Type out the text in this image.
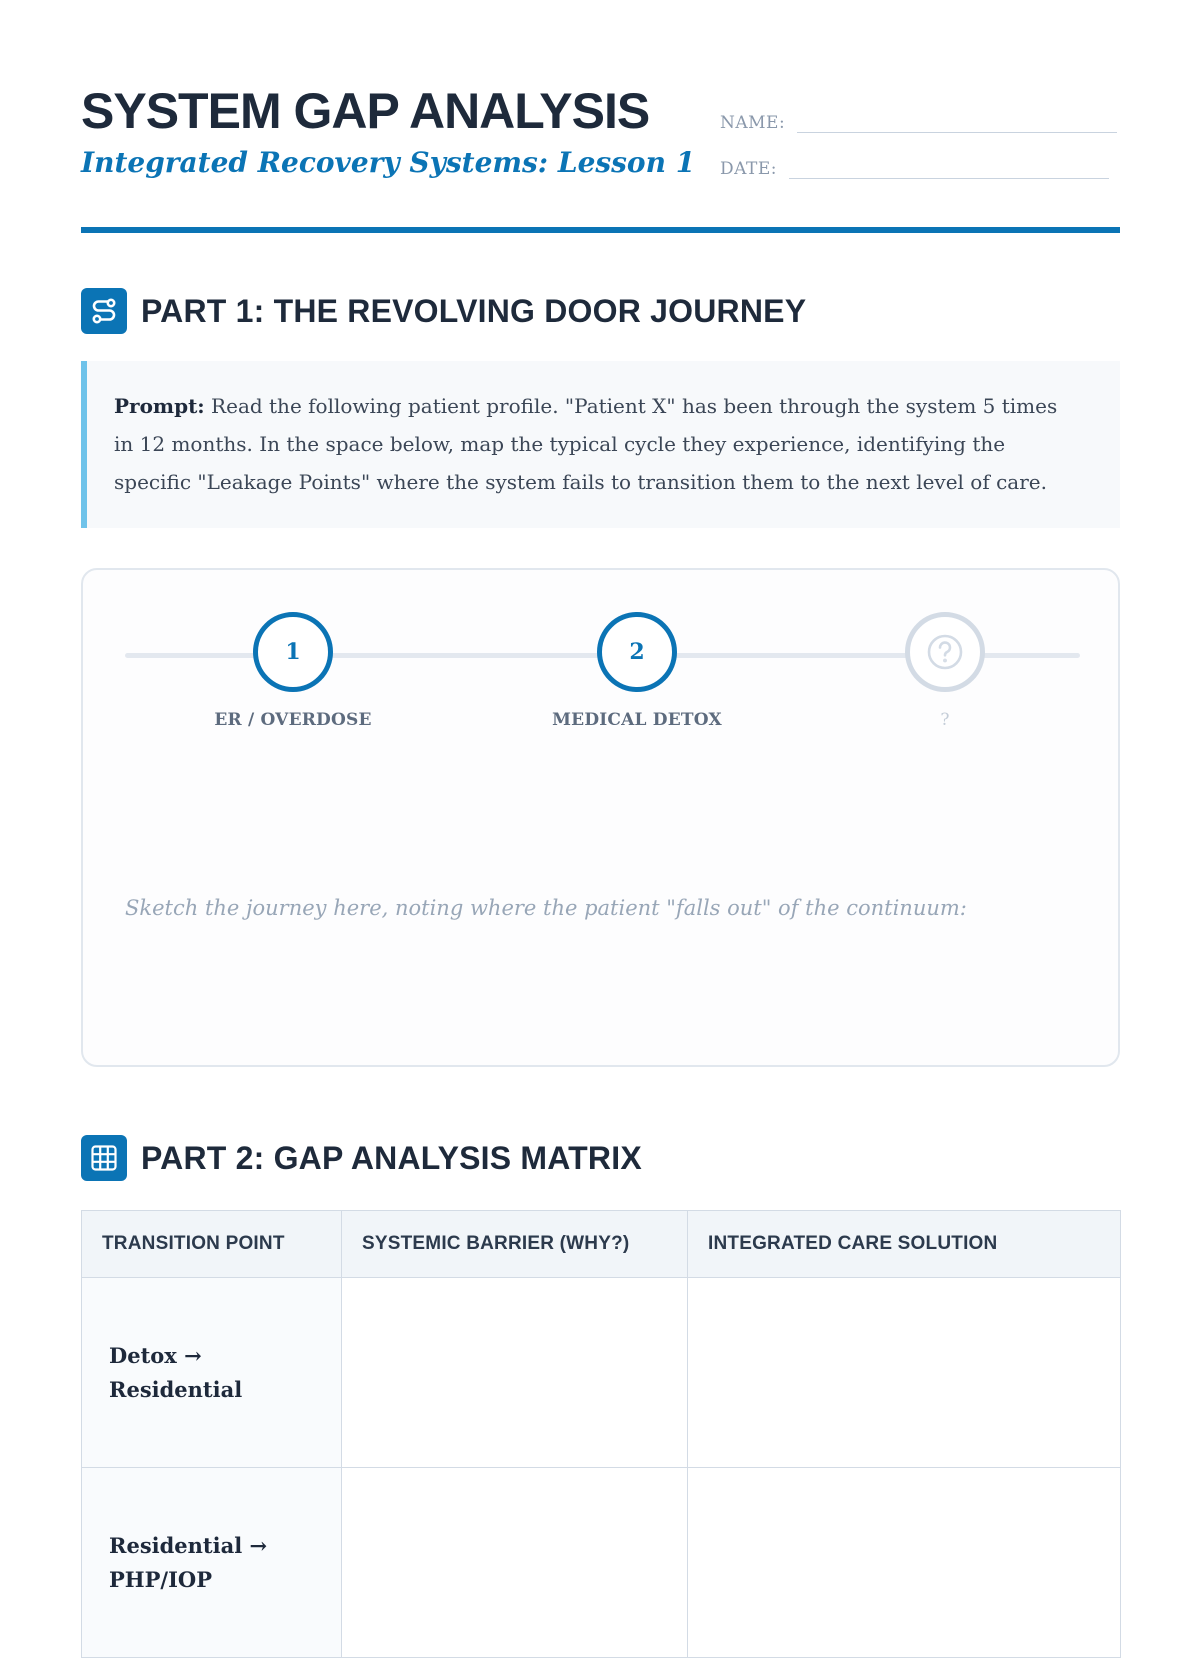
SYSTEM GAP ANALYSIS
Integrated Recovery Systems: Lesson 1
NAME:
DATE:
PART 1: THE REVOLVING DOOR JOURNEY
Prompt: Read the following patient profile. "Patient X" has been through the system 5 times in 12 months. In the space below, map the typical cycle they experience, identifying the specific "Leakage Points" where the system fails to transition them to the next level of care.
1	2
ER / OVERDOSE	MEDICAL DETOX	?
Sketch the journey here, noting where the patient "falls out" of the continuum:
PART 2: GAP ANALYSIS MATRIX
TRANSITION POINT	SYSTEMIC BARRIER (WHY?)	INTEGRATED CARE SOLUTION
Detox →
Residential		
Residential →
PHP/IOP		
